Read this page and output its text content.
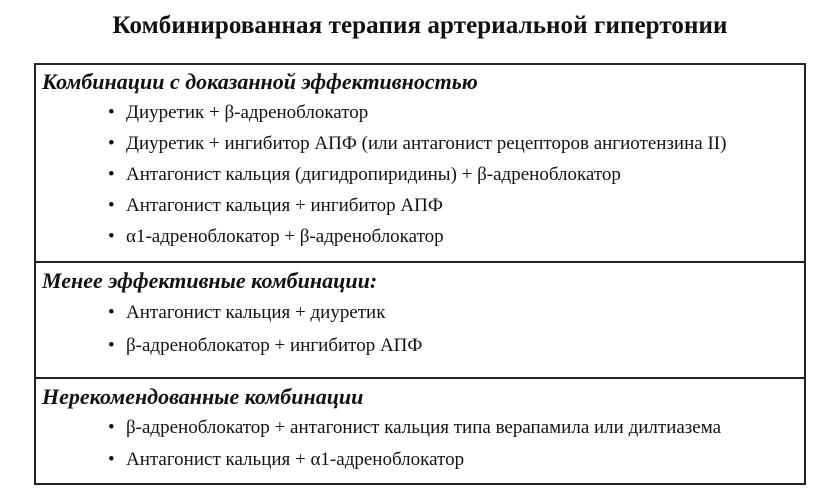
Комбинированная терапия артериальной гипертонии
Комбинации с доказанной эффективностью
• Диуретик + β-адреноблокатор
• Диуретик + ингибитор АПФ (или антагонист рецепторов ангиотензина II)
• Антагонист кальция (дигидропиридины) + β-адреноблокатор
• Антагонист кальция + ингибитор АПФ
• α1-адреноблокатор + β-адреноблокатор
Менее эффективные комбинации:
• Антагонист кальция + диуретик
• β-адреноблокатор + ингибитор АПФ
Нерекомендованные комбинации
• β-адреноблокатор + антагонист кальция типа верапамила или дилтиазема
• Антагонист кальция + α1-адреноблокатор
